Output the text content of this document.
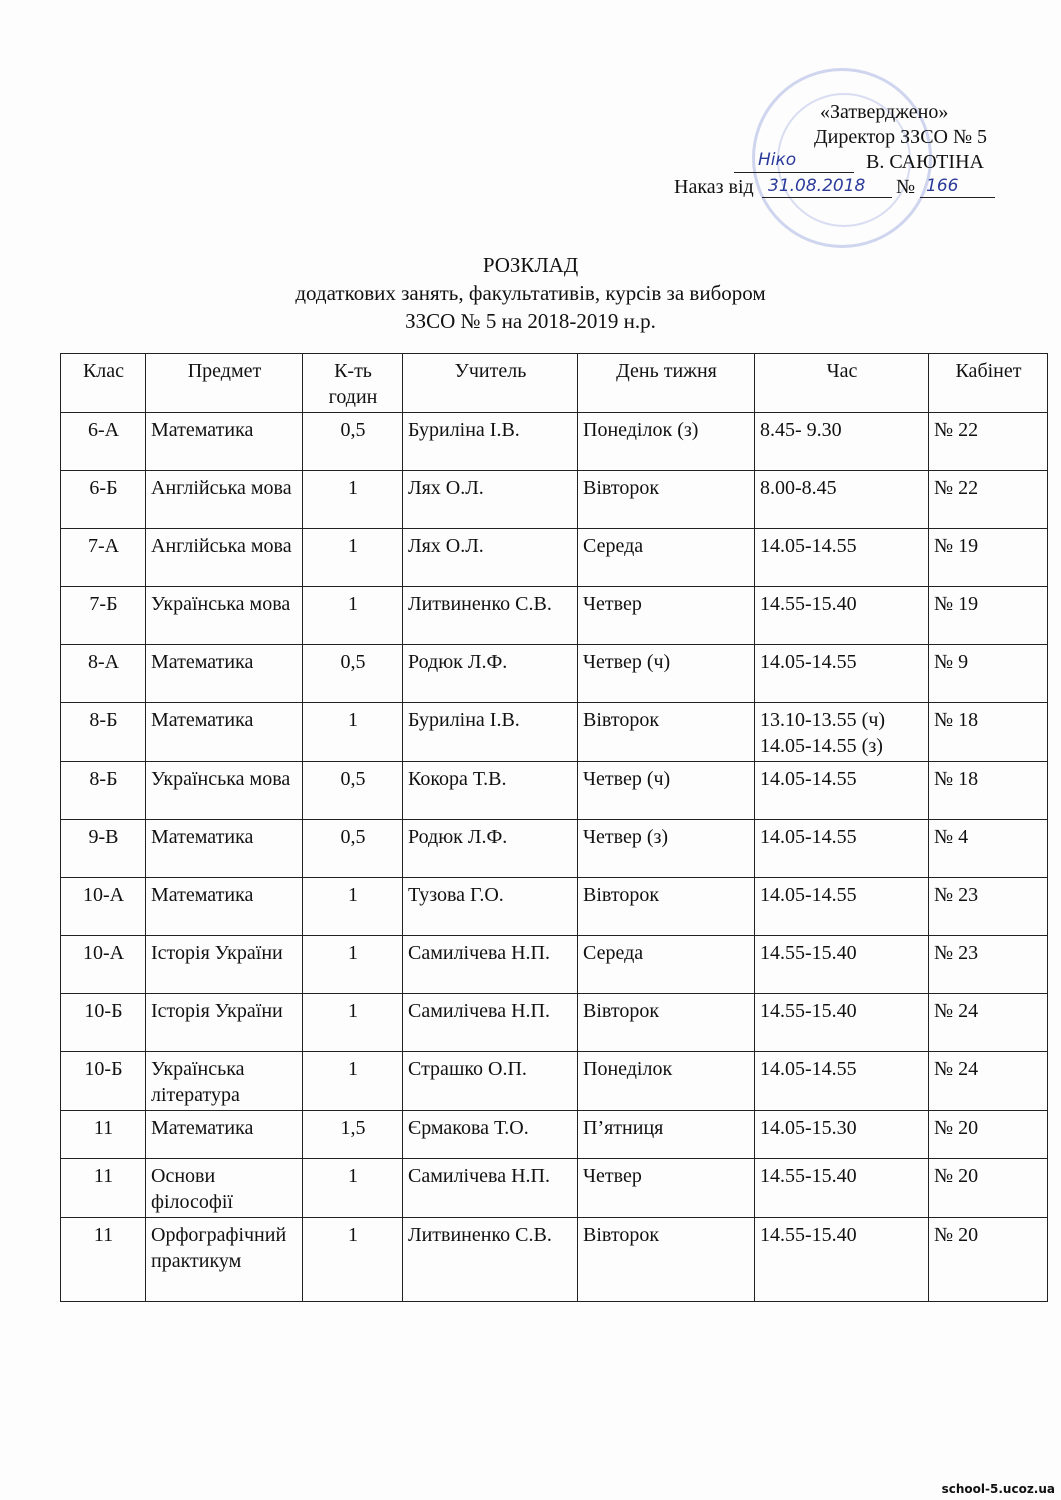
«Затверджено»
Директор ЗЗСО № 5
Ніко	В. САЮТІНА
Наказ від 31.08.2018 № 166
РОЗКЛАД
додаткових занять, факультативів, курсів за вибором
ЗЗСО № 5 на 2018-2019 н.р.
Клас	Предмет	К-ть годин	Учитель	День тижня	Час	Кабінет
6-А	Математика	0,5	Буриліна І.В.	Понеділок (з)	8.45- 9.30	№ 22
6-Б	Англійська мова	1	Лях О.Л.	Вівторок	8.00-8.45	№ 22
7-А	Англійська мова	1	Лях О.Л.	Середа	14.05-14.55	№ 19
7-Б	Українська мова	1	Литвиненко С.В.	Четвер	14.55-15.40	№ 19
8-А	Математика	0,5	Родюк Л.Ф.	Четвер (ч)	14.05-14.55	№ 9
8-Б	Математика	1	Буриліна І.В.	Вівторок	13.10-13.55 (ч) 14.05-14.55 (з)	№ 18
8-Б	Українська мова	0,5	Кокора Т.В.	Четвер (ч)	14.05-14.55	№ 18
9-В	Математика	0,5	Родюк Л.Ф.	Четвер (з)	14.05-14.55	№ 4
10-А	Математика	1	Тузова Г.О.	Вівторок	14.05-14.55	№ 23
10-А	Історія України	1	Самилічева Н.П.	Середа	14.55-15.40	№ 23
10-Б	Історія України	1	Самилічева Н.П.	Вівторок	14.55-15.40	№ 24
10-Б	Українська література	1	Страшко О.П.	Понеділок	14.05-14.55	№ 24
11	Математика	1,5	Єрмакова Т.О.	П’ятниця	14.05-15.30	№ 20
11	Основи філософії	1	Самилічева Н.П.	Четвер	14.55-15.40	№ 20
11	Орфографічний практикум	1	Литвиненко С.В.	Вівторок	14.55-15.40	№ 20
school-5.ucoz.ua
